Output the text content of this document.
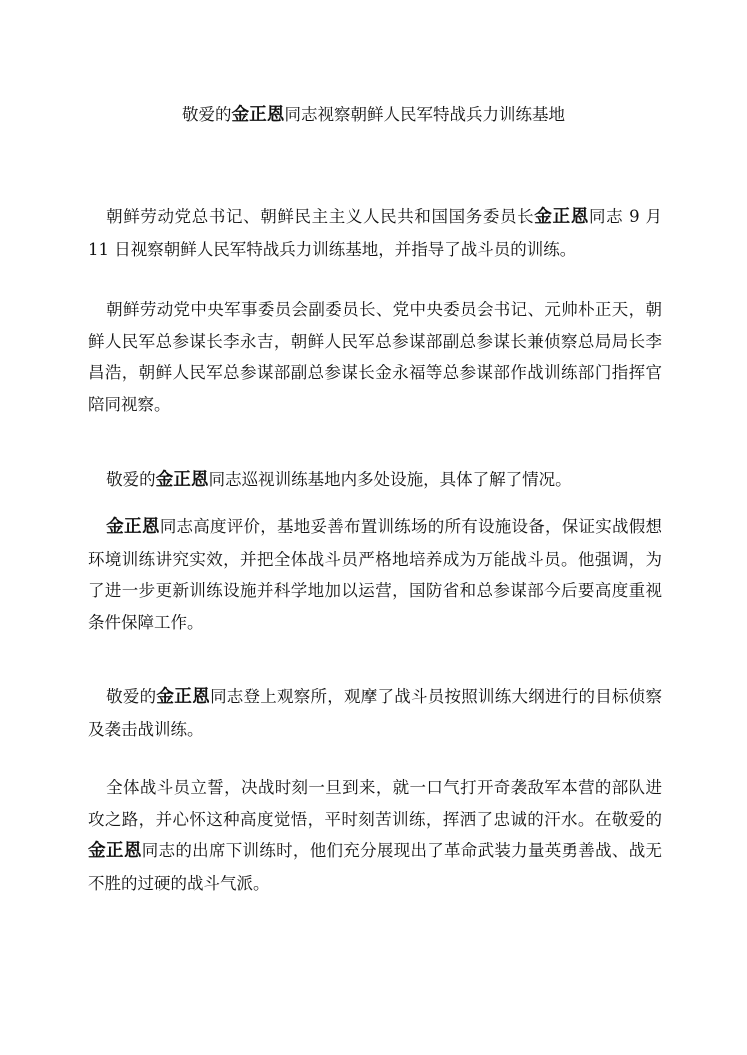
敬爱的金正恩同志视察朝鲜人民军特战兵力训练基地

朝鲜劳动党总书记、朝鲜民主主义人民共和国国务委员长金正恩同志 9 月 11 日视察朝鲜人民军特战兵力训练基地，并指导了战斗员的训练。

朝鲜劳动党中央军事委员会副委员长、党中央委员会书记、元帅朴正天，朝鲜人民军总参谋长李永吉，朝鲜人民军总参谋部副总参谋长兼侦察总局局长李昌浩，朝鲜人民军总参谋部副总参谋长金永福等总参谋部作战训练部门指挥官陪同视察。

敬爱的金正恩同志巡视训练基地内多处设施，具体了解了情况。

金正恩同志高度评价，基地妥善布置训练场的所有设施设备，保证实战假想环境训练讲究实效，并把全体战斗员严格地培养成为万能战斗员。他强调，为了进一步更新训练设施并科学地加以运营，国防省和总参谋部今后要高度重视条件保障工作。

敬爱的金正恩同志登上观察所，观摩了战斗员按照训练大纲进行的目标侦察及袭击战训练。

全体战斗员立誓，决战时刻一旦到来，就一口气打开奇袭敌军本营的部队进攻之路，并心怀这种高度觉悟，平时刻苦训练，挥洒了忠诚的汗水。在敬爱的金正恩同志的出席下训练时，他们充分展现出了革命武装力量英勇善战、战无不胜的过硬的战斗气派。
